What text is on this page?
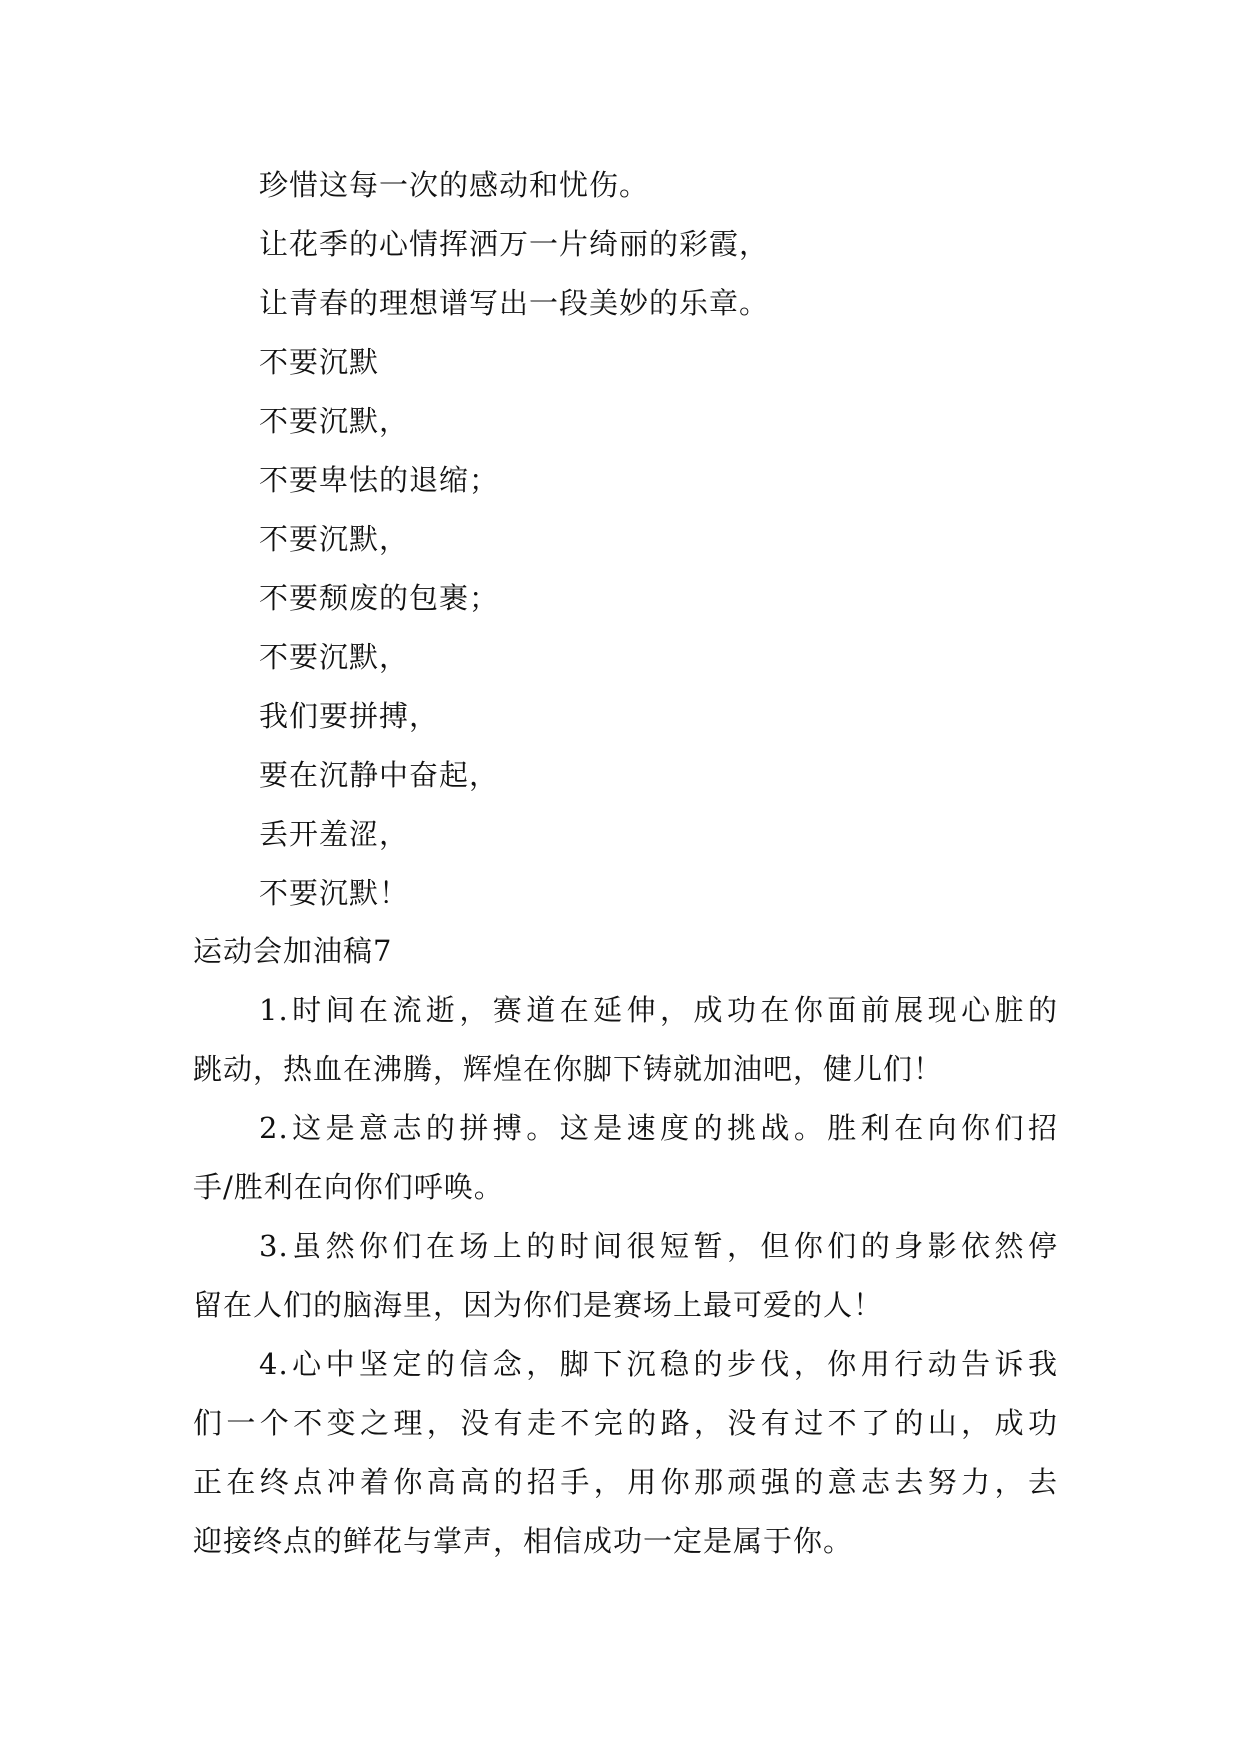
珍惜这每一次的感动和忧伤。
让花季的心情挥洒万一片绮丽的彩霞，
让青春的理想谱写出一段美妙的乐章。
不要沉默
不要沉默，
不要卑怯的退缩；
不要沉默，
不要颓废的包裹；
不要沉默，
我们要拼搏，
要在沉静中奋起，
丢开羞涩，
不要沉默！
运动会加油稿7
1.时间在流逝，赛道在延伸，成功在你面前展现心脏的
跳动，热血在沸腾，辉煌在你脚下铸就加油吧，健儿们！
2.这是意志的拼搏。这是速度的挑战。胜利在向你们招
手/胜利在向你们呼唤。
3.虽然你们在场上的时间很短暂，但你们的身影依然停
留在人们的脑海里，因为你们是赛场上最可爱的人！
4.心中坚定的信念，脚下沉稳的步伐，你用行动告诉我
们一个不变之理，没有走不完的路，没有过不了的山，成功
正在终点冲着你高高的招手，用你那顽强的意志去努力，去
迎接终点的鲜花与掌声，相信成功一定是属于你。
